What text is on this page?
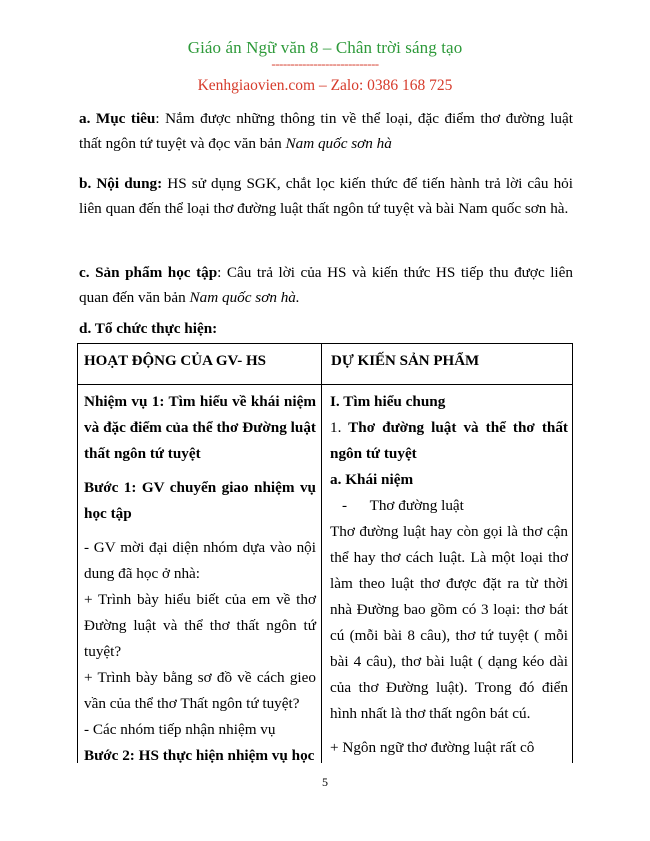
Giáo án Ngữ văn 8 – Chân trời sáng tạo
----------------------------
Kenhgiaovien.com – Zalo: 0386 168 725
a. Mục tiêu: Nắm được những thông tin về thể loại, đặc điểm thơ đường luật thất ngôn tứ tuyệt và đọc văn bản Nam quốc sơn hà
b. Nội dung: HS sử dụng SGK, chắt lọc kiến thức để tiến hành trả lời câu hỏi liên quan đến thể loại thơ đường luật thất ngôn tứ tuyệt và bài Nam quốc sơn hà.
c. Sản phẩm học tập: Câu trả lời của HS và kiến thức HS tiếp thu được liên quan đến văn bản Nam quốc sơn hà.
d. Tổ chức thực hiện:
HOẠT ĐỘNG CỦA GV- HS	DỰ KIẾN SẢN PHẨM

Nhiệm vụ 1: Tìm hiểu về khái niệm và đặc điểm của thể thơ Đường luật thất ngôn tứ tuyệt

Bước 1: GV chuyển giao nhiệm vụ học tập

- GV mời đại diện nhóm dựa vào nội dung đã học ở nhà:

+ Trình bày hiểu biết của em về thơ Đường luật và thể thơ thất ngôn tứ tuyệt?

+ Trình bày bằng sơ đồ về cách gieo vần của thể thơ Thất ngôn tứ tuyệt?

- Các nhóm tiếp nhận nhiệm vụ

Bước 2: HS thực hiện nhiệm vụ học

I. Tìm hiểu chung

1. Thơ đường luật và thể thơ thất ngôn tứ tuyệt

a. Khái niệm

-      Thơ đường luật

Thơ đường luật hay còn gọi là thơ cận thể hay thơ cách luật. Là một loại thơ làm theo luật thơ được đặt ra từ thời nhà Đường bao gồm có 3 loại: thơ bát cú (mỗi bài 8 câu), thơ tứ tuyệt ( mỗi bài 4 câu), thơ bài luật ( dạng kéo dài của thơ Đường luật). Trong đó điển hình nhất là thơ thất ngôn bát cú.

+ Ngôn ngữ thơ đường luật rất cô

5
